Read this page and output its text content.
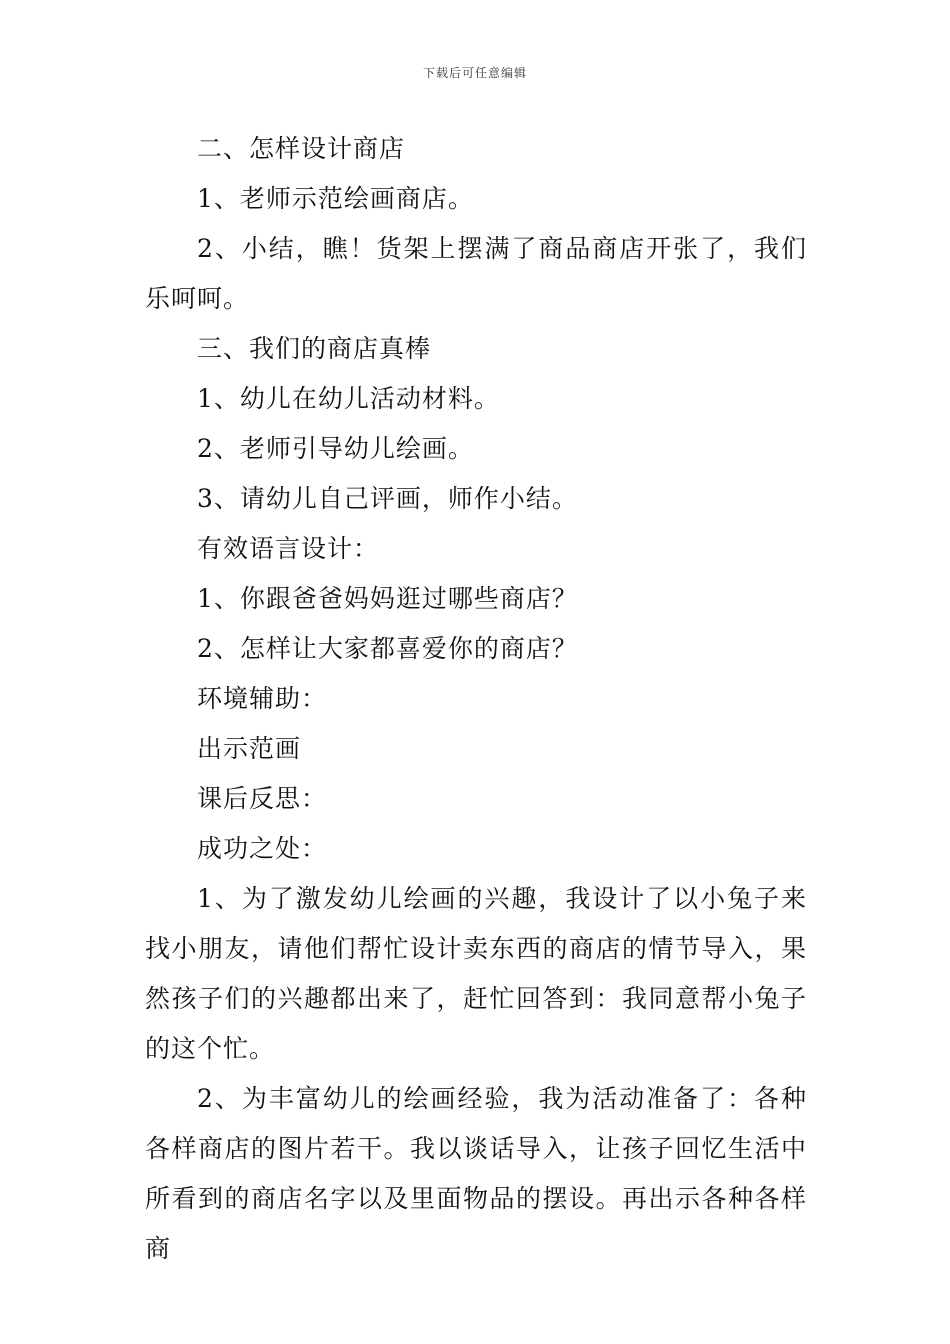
下载后可任意编辑

二、怎样设计商店

1、老师示范绘画商店。

2、小结，瞧！货架上摆满了商品商店开张了，我们乐呵呵。

三、我们的商店真棒

1、幼儿在幼儿活动材料。

2、老师引导幼儿绘画。

3、请幼儿自己评画，师作小结。

有效语言设计：

1、你跟爸爸妈妈逛过哪些商店？

2、怎样让大家都喜爱你的商店？

环境辅助：

出示范画

课后反思：

成功之处：

1、为了激发幼儿绘画的兴趣，我设计了以小兔子来找小朋友，请他们帮忙设计卖东西的商店的情节导入，果然孩子们的兴趣都出来了，赶忙回答到：我同意帮小兔子的这个忙。

2、为丰富幼儿的绘画经验，我为活动准备了：各种各样商店的图片若干。我以谈话导入，让孩子回忆生活中所看到的商店名字以及里面物品的摆设。再出示各种各样商
